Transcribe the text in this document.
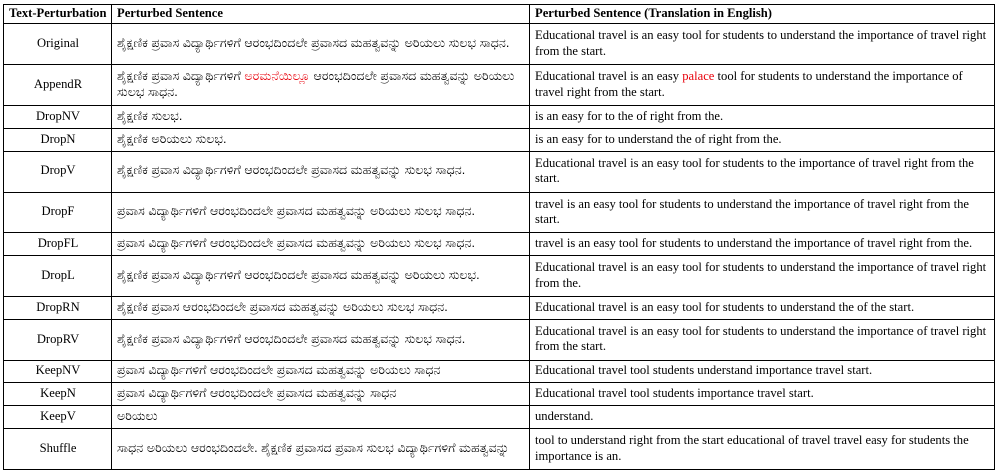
Text-Perturbation	Perturbed Sentence	Perturbed Sentence (Translation in English)
Original	ಶೈಕ್ಷಣಿಕ ಪ್ರವಾಸ ವಿದ್ಯಾರ್ಥಿಗಳಿಗೆ ಆರಂಭದಿಂದಲೇ ಪ್ರವಾಸದ ಮಹತ್ವವನ್ನು ಅರಿಯಲು ಸುಲಭ ಸಾಧನ.	Educational travel is an easy tool for students to understand the importance of travel right from the start.
AppendR	ಶೈಕ್ಷಣಿಕ ಪ್ರವಾಸ ವಿದ್ಯಾರ್ಥಿಗಳಿಗೆ ಅರಮನೆಯಿಲ್ಲೂ ಆರಂಭದಿಂದಲೇ ಪ್ರವಾಸದ ಮಹತ್ವವನ್ನು ಅರಿಯಲು ಸುಲಭ ಸಾಧನ.	Educational travel is an easy palace tool for students to understand the importance of travel right from the start.
DropNV	ಶೈಕ್ಷಣಿಕ ಸುಲಭ.	is an easy for to the of right from the.
DropN	ಶೈಕ್ಷಣಿಕ ಅರಿಯಲು ಸುಲಭ.	is an easy for to understand the of right from the.
DropV	ಶೈಕ್ಷಣಿಕ ಪ್ರವಾಸ ವಿದ್ಯಾರ್ಥಿಗಳಿಗೆ ಆರಂಭದಿಂದಲೇ ಪ್ರವಾಸದ ಮಹತ್ವವನ್ನು ಸುಲಭ ಸಾಧನ.	Educational travel is an easy tool for students to the importance of travel right from the start.
DropF	ಪ್ರವಾಸ ವಿದ್ಯಾರ್ಥಿಗಳಿಗೆ ಆರಂಭದಿಂದಲೇ ಪ್ರವಾಸದ ಮಹತ್ವವನ್ನು ಅರಿಯಲು ಸುಲಭ ಸಾಧನ.	travel is an easy tool for students to understand the importance of travel right from the start.
DropFL	ಪ್ರವಾಸ ವಿದ್ಯಾರ್ಥಿಗಳಿಗೆ ಆರಂಭದಿಂದಲೇ ಪ್ರವಾಸದ ಮಹತ್ವವನ್ನು ಅರಿಯಲು ಸುಲಭ ಸಾಧನ.	travel is an easy tool for students to understand the importance of travel right from the.
DropL	ಶೈಕ್ಷಣಿಕ ಪ್ರವಾಸ ವಿದ್ಯಾರ್ಥಿಗಳಿಗೆ ಆರಂಭದಿಂದಲೇ ಪ್ರವಾಸದ ಮಹತ್ವವನ್ನು ಅರಿಯಲು ಸುಲಭ.	Educational travel is an easy tool for students to understand the importance of travel right from the.
DropRN	ಶೈಕ್ಷಣಿಕ ಪ್ರವಾಸ ಆರಂಭದಿಂದಲೇ ಪ್ರವಾಸದ ಮಹತ್ವವನ್ನು ಅರಿಯಲು ಸುಲಭ ಸಾಧನ.	Educational travel is an easy tool for students to understand the of the start.
DropRV	ಶೈಕ್ಷಣಿಕ ಪ್ರವಾಸ ವಿದ್ಯಾರ್ಥಿಗಳಿಗೆ ಆರಂಭದಿಂದಲೇ ಪ್ರವಾಸದ ಮಹತ್ವವನ್ನು ಸುಲಭ ಸಾಧನ.	Educational travel is an easy tool for students to understand the importance of travel right from the start.
KeepNV	ಪ್ರವಾಸ ವಿದ್ಯಾರ್ಥಿಗಳಿಗೆ ಆರಂಭದಿಂದಲೇ ಪ್ರವಾಸದ ಮಹತ್ವವನ್ನು ಅರಿಯಲು ಸಾಧನ	Educational travel tool students understand importance travel start.
KeepN	ಪ್ರವಾಸ ವಿದ್ಯಾರ್ಥಿಗಳಿಗೆ ಆರಂಭದಿಂದಲೇ ಪ್ರವಾಸದ ಮಹತ್ವವನ್ನು ಸಾಧನ	Educational travel tool students importance travel start.
KeepV	ಅರಿಯಲು	understand.
Shuffle	ಸಾಧನ ಅರಿಯಲು ಆರಂಭದಿಂದಲೇ. ಶೈಕ್ಷಣಿಕ ಪ್ರವಾಸದ ಪ್ರವಾಸ ಸುಲಭ ವಿದ್ಯಾರ್ಥಿಗಳಿಗೆ ಮಹತ್ವವನ್ನು	tool to understand right from the start educational of travel travel easy for students the importance is an.
